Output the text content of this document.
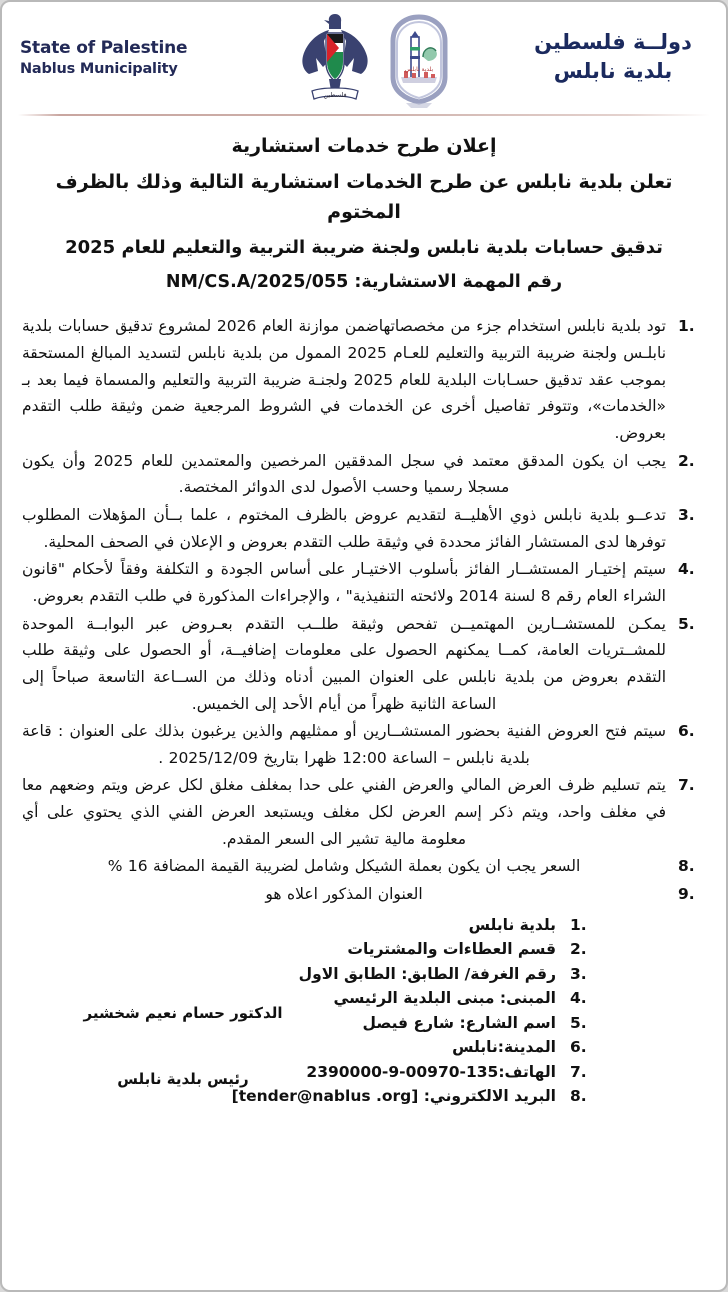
دولــة فلسطين
بلدية نابلس
بلدية نابلس
فلسطين
State of Palestine
Nablus Municipality
إعلان طرح خدمات استشارية
تعلن بلدية نابلس عن طرح الخدمات استشارية التالية وذلك بالظرف المختوم
تدقيق حسابات بلدية نابلس ولجنة ضريبة التربية والتعليم للعام 2025
رقم المهمة الاستشارية: NM/CS.A/2025/055
1.
تود بلدية نابلس استخدام جزء من مخصصاتهاضمن موازنة العام 2026 لمشروع تدقيق حسابات بلدية نابلـس ولجنة ضريبة التربية والتعليم للعـام 2025 الممول من بلدية نابلس لتسديد المبالغ المستحقة بموجب عقد تدقيق حسـابات البلدية للعام 2025 ولجنـة ضريبة التربية والتعليم والمسماة فيما بعد بـ «الخدمات»، وتتوفر تفاصيل أخرى عن الخدمات في الشروط المرجعية ضمن وثيقة طلب التقدم بعروض.
2.
يجب ان يكون المدقق معتمد في سجل المدققين المرخصين والمعتمدين للعام 2025 وأن يكون مسجلا رسميا وحسب الأصول لدى الدوائر المختصة.
3.
تدعــو بلدية نابلس ذوي الأهليــة لتقديم عروض بالظرف المختوم ، علما بــأن المؤهلات المطلوب توفرها لدى المستشار الفائز محددة في وثيقة طلب التقدم بعروض و الإعلان في الصحف المحلية.
4.
سيتم إختيـار المستشــار الفائز بأسلوب الاختيـار على أساس الجودة و التكلفة وفقاً لأحكام "قانون الشراء العام رقم 8 لسنة 2014 ولائحته التنفيذية" ، والإجراءات المذكورة في طلب التقدم بعروض.
5.
يمكـن للمستشــارين المهتميــن تفحص وثيقة طلــب التقدم بعـروض عبر البوابــة الموحدة للمشــتريات العامة، كمــا يمكنهم الحصول على معلومات إضافيــة، أو الحصول على وثيقة طلب التقدم بعروض من بلدية نابلس على العنوان المبين أدناه وذلك من الســاعة التاسعة صباحاً إلى الساعة الثانية ظهراً من أيام الأحد إلى الخميس.
6.
سيتم فتح العروض الفنية بحضور المستشــارين أو ممثليهم والذين يرغبون بذلك على العنوان : قاعة بلدية نابلس – الساعة 12:00 ظهرا بتاريخ 2025/12/09 .
7.
يتم تسليم ظرف العرض المالي والعرض الفني على حدا بمغلف مغلق لكل عرض ويتم وضعهم معا في مغلف واحد، ويتم ذكر إسم العرض لكل مغلف ويستبعد العرض الفني الذي يحتوي على أي معلومة مالية تشير الى السعر المقدم.
8.
السعر يجب ان يكون بعملة الشيكل وشامل لضريبة القيمة المضافة 16 %
9.
العنوان المذكور اعلاه هو
1.
بلدية نابلس
2.
قسم العطاءات والمشتريات
3.
رقم الغرفة/ الطابق: الطابق الاول
4.
المبنى: مبنى البلدية الرئيسي
5.
اسم الشارع: شارع فيصل
6.
المدينة:نابلس
7.
الهاتف:135-00970-9-2390000
8.
البريد الالكتروني: [tender@nablus .org]
الدكتور حسام نعيم شخشير
رئيس بلدية نابلس
